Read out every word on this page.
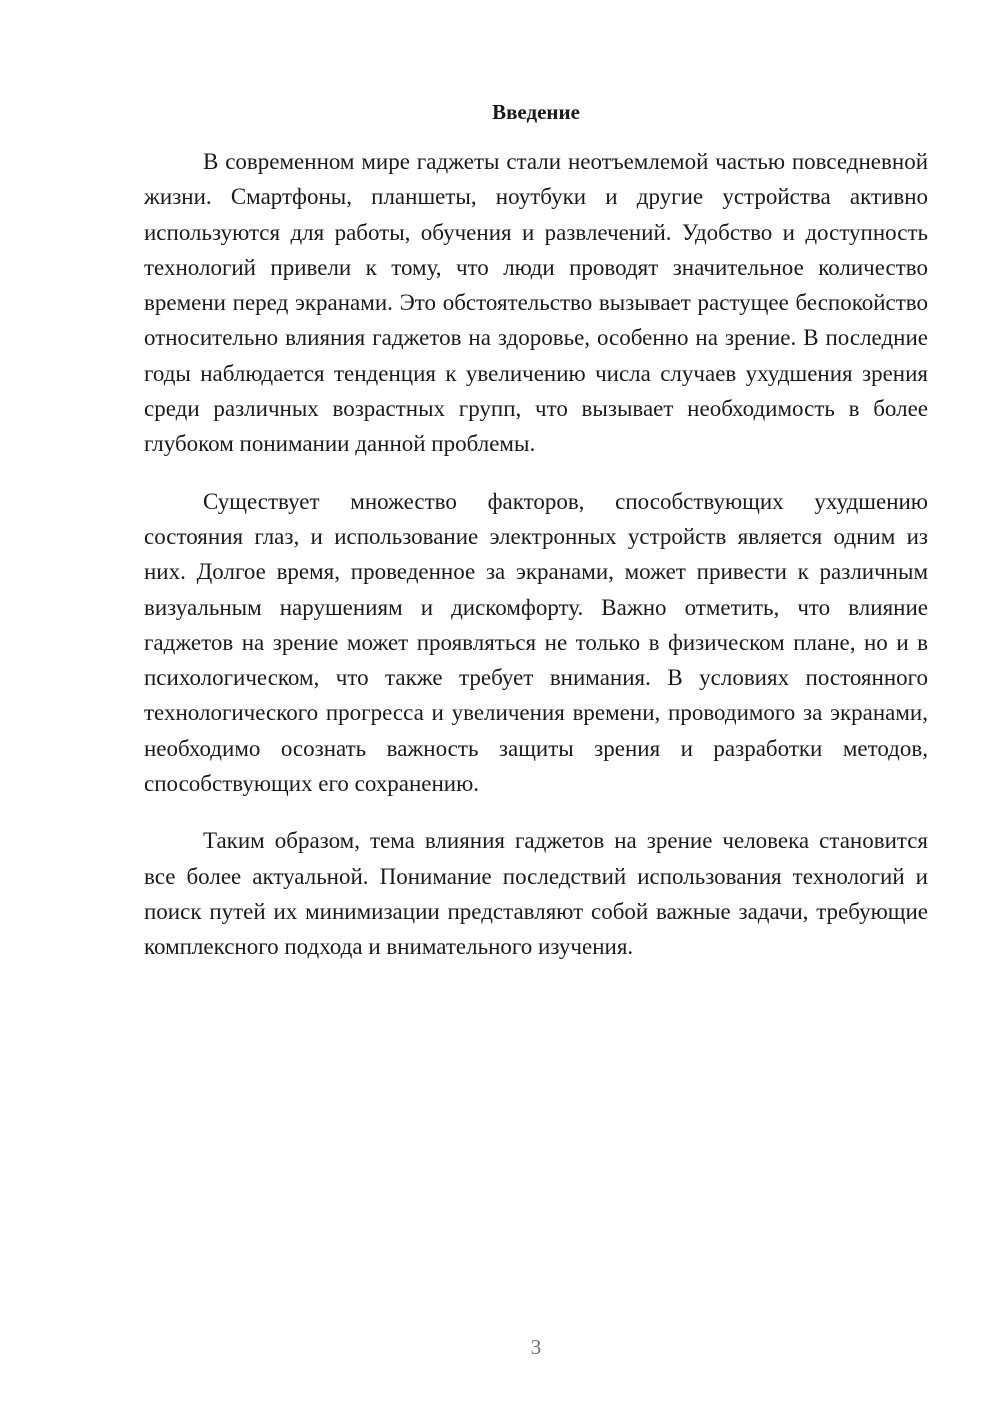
Введение

В современном мире гаджеты стали неотъемлемой частью повседневной жизни. Смартфоны, планшеты, ноутбуки и другие устройства активно используются для работы, обучения и развлечений. Удобство и доступность технологий привели к тому, что люди проводят значительное количество времени перед экранами. Это обстоятельство вызывает растущее беспокойство относительно влияния гаджетов на здоровье, особенно на зрение. В последние годы наблюдается тенденция к увеличению числа случаев ухудшения зрения среди различных возрастных групп, что вызывает необходимость в более глубоком понимании данной проблемы.

Существует множество факторов, способствующих ухудшению состояния глаз, и использование электронных устройств является одним из них. Долгое время, проведенное за экранами, может привести к различным визуальным нарушениям и дискомфорту. Важно отметить, что влияние гаджетов на зрение может проявляться не только в физическом плане, но и в психологическом, что также требует внимания. В условиях постоянного технологического прогресса и увеличения времени, проводимого за экранами, необходимо осознать важность защиты зрения и разработки методов, способствующих его сохранению.

Таким образом, тема влияния гаджетов на зрение человека становится все более актуальной. Понимание последствий использования технологий и поиск путей их минимизации представляют собой важные задачи, требующие комплексного подхода и внимательного изучения.

3
